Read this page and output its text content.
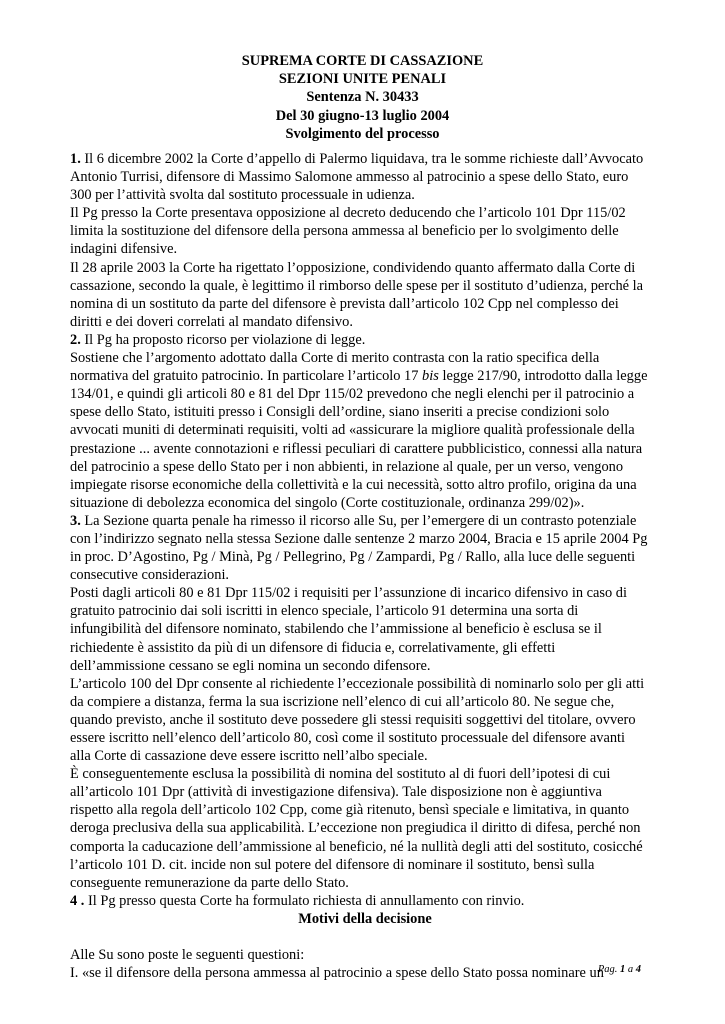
SUPREMA CORTE DI CASSAZIONE
SEZIONI UNITE PENALI
Sentenza N. 30433
Del 30 giugno-13 luglio 2004
Svolgimento del processo
1. Il 6 dicembre 2002 la Corte d’appello di Palermo liquidava, tra le somme richieste dall’Avvocato
Antonio Turrisi, difensore di Massimo Salomone ammesso al patrocinio a spese dello Stato, euro
300 per l’attività svolta dal sostituto processuale in udienza.
Il Pg presso la Corte presentava opposizione al decreto deducendo che l’articolo 101 Dpr 115/02
limita la sostituzione del difensore della persona ammessa al beneficio per lo svolgimento delle
indagini difensive.
Il 28 aprile 2003 la Corte ha rigettato l’opposizione, condividendo quanto affermato dalla Corte di
cassazione, secondo la quale, è legittimo il rimborso delle spese per il sostituto d’udienza, perché la
nomina di un sostituto da parte del difensore è prevista dall’articolo 102 Cpp nel complesso dei
diritti e dei doveri correlati al mandato difensivo.
2. Il Pg ha proposto ricorso per violazione di legge.
Sostiene che l’argomento adottato dalla Corte di merito contrasta con la ratio specifica della
normativa del gratuito patrocinio. In particolare l’articolo 17 bis legge 217/90, introdotto dalla legge
134/01, e quindi gli articoli 80 e 81 del Dpr 115/02 prevedono che negli elenchi per il patrocinio a
spese dello Stato, istituiti presso i Consigli dell’ordine, siano inseriti a precise condizioni solo
avvocati muniti di determinati requisiti, volti ad «assicurare la migliore qualità professionale della
prestazione ... avente connotazioni e riflessi peculiari di carattere pubblicistico, connessi alla natura
del patrocinio a spese dello Stato per i non abbienti, in relazione al quale, per un verso, vengono
impiegate risorse economiche della collettività e la cui necessità, sotto altro profilo, origina da una
situazione di debolezza economica del singolo (Corte costituzionale, ordinanza 299/02)».
3. La Sezione quarta penale ha rimesso il ricorso alle Su, per l’emergere di un contrasto potenziale
con l’indirizzo segnato nella stessa Sezione dalle sentenze 2 marzo 2004, Bracia e 15 aprile 2004 Pg
in proc. D’Agostino, Pg / Minà, Pg / Pellegrino, Pg / Zampardi, Pg / Rallo, alla luce delle seguenti
consecutive considerazioni.
Posti dagli articoli 80 e 81 Dpr 115/02 i requisiti per l’assunzione di incarico difensivo in caso di
gratuito patrocinio dai soli iscritti in elenco speciale, l’articolo 91 determina una sorta di
infungibilità del difensore nominato, stabilendo che l’ammissione al beneficio è esclusa se il
richiedente è assistito da più di un difensore di fiducia e, correlativamente, gli effetti
dell’ammissione cessano se egli nomina un secondo difensore.
L’articolo 100 del Dpr consente al richiedente l’eccezionale possibilità di nominarlo solo per gli atti
da compiere a distanza, ferma la sua iscrizione nell’elenco di cui all’articolo 80. Ne segue che,
quando previsto, anche il sostituto deve possedere gli stessi requisiti soggettivi del titolare, ovvero
essere iscritto nell’elenco dell’articolo 80, così come il sostituto processuale del difensore avanti
alla Corte di cassazione deve essere iscritto nell’albo speciale.
È conseguentemente esclusa la possibilità di nomina del sostituto al di fuori dell’ipotesi di cui
all’articolo 101 Dpr (attività di investigazione difensiva). Tale disposizione non è aggiuntiva
rispetto alla regola dell’articolo 102 Cpp, come già ritenuto, bensì speciale e limitativa, in quanto
deroga preclusiva della sua applicabilità. L’eccezione non pregiudica il diritto di difesa, perché non
comporta la caducazione dell’ammissione al beneficio, né la nullità degli atti del sostituto, cosicché
l’articolo 101 D. cit. incide non sul potere del difensore di nominare il sostituto, bensì sulla
conseguente remunerazione da parte dello Stato.
4 . Il Pg presso questa Corte ha formulato richiesta di annullamento con rinvio.
Motivi della decisione
Alle Su sono poste le seguenti questioni:
I. «se il difensore della persona ammessa al patrocinio a spese dello Stato possa nominare un
Pag. 1 a 4
